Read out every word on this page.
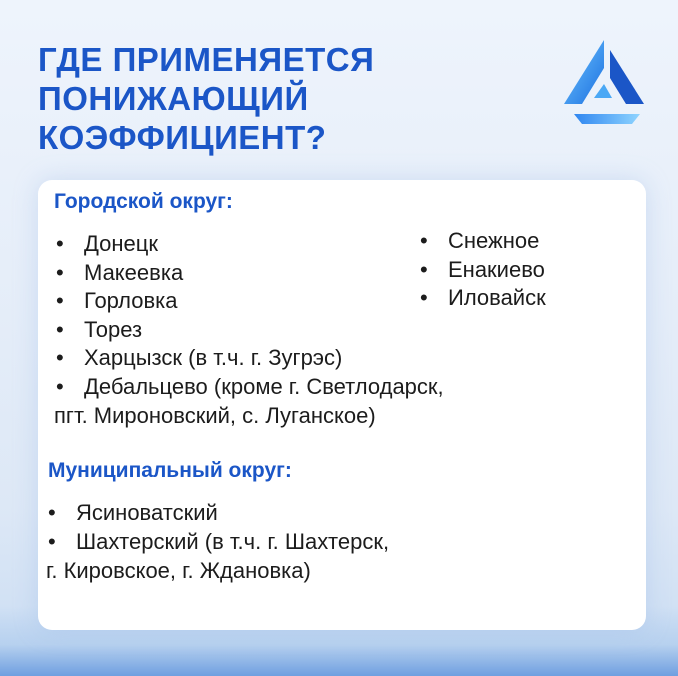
ГДЕ ПРИМЕНЯЕТСЯ
ПОНИЖАЮЩИЙ
КОЭФФИЦИЕНТ?
Городской округ:
• Донецк
• Макеевка
• Горловка
• Торез
• Харцызск (в т.ч. г. Зугрэс)
• Дебальцево (кроме г. Светлодарск,

пгт. Мироновский, с. Луганское)

• Снежное
• Енакиево
• Иловайск
Муниципальный округ:
• Ясиноватский
• Шахтерский (в т.ч. г. Шахтерск,

г. Кировское, г. Ждановка)
